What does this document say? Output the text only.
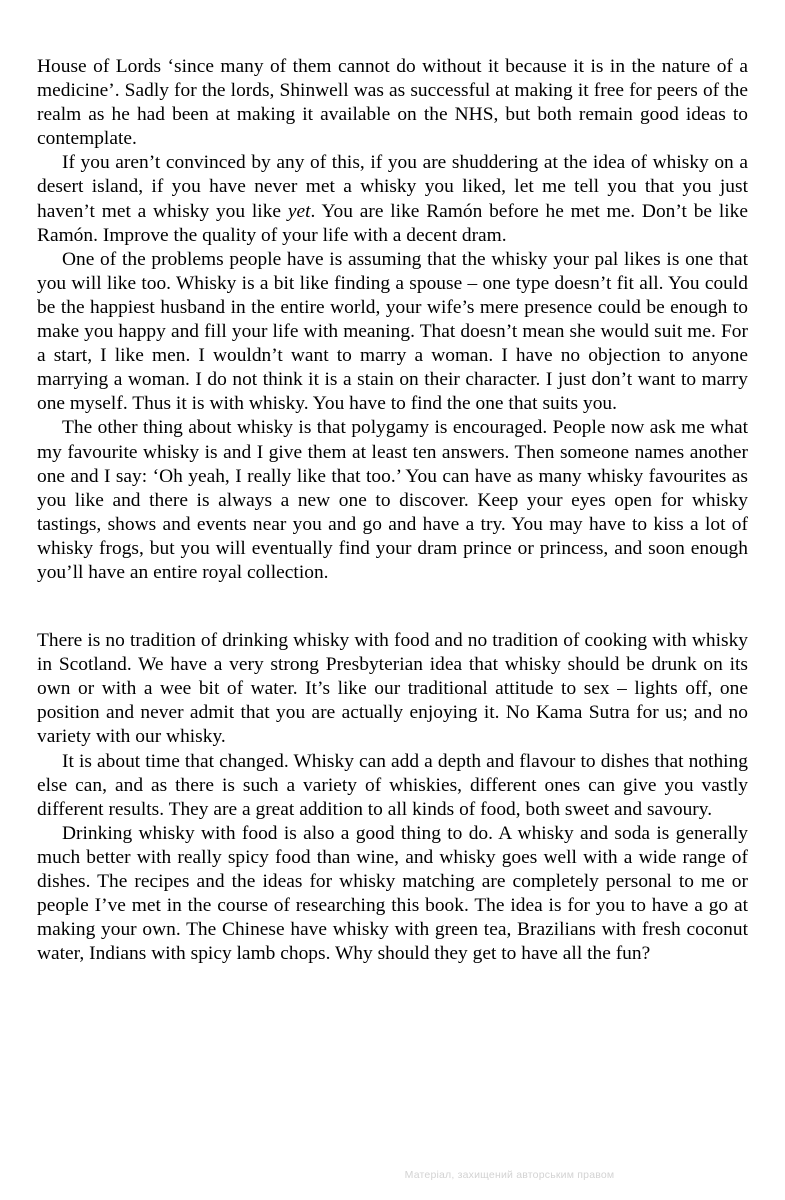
House of Lords ‘since many of them cannot do without it because it is in the nature of a medicine’. Sadly for the lords, Shinwell was as successful at making it free for peers of the realm as he had been at making it available on the NHS, but both remain good ideas to contemplate.

If you aren’t convinced by any of this, if you are shuddering at the idea of whisky on a desert island, if you have never met a whisky you liked, let me tell you that you just haven’t met a whisky you like yet. You are like Ramón before he met me. Don’t be like Ramón. Improve the quality of your life with a decent dram.

One of the problems people have is assuming that the whisky your pal likes is one that you will like too. Whisky is a bit like finding a spouse – one type doesn’t fit all. You could be the happiest husband in the entire world, your wife’s mere presence could be enough to make you happy and fill your life with meaning. That doesn’t mean she would suit me. For a start, I like men. I wouldn’t want to marry a woman. I have no objection to anyone marrying a woman. I do not think it is a stain on their character. I just don’t want to marry one myself. Thus it is with whisky. You have to find the one that suits you.

The other thing about whisky is that polygamy is encouraged. People now ask me what my favourite whisky is and I give them at least ten answers. Then someone names another one and I say: ‘Oh yeah, I really like that too.’ You can have as many whisky favourites as you like and there is always a new one to discover. Keep your eyes open for whisky tastings, shows and events near you and go and have a try. You may have to kiss a lot of whisky frogs, but you will eventually find your dram prince or princess, and soon enough you’ll have an entire royal collection.

There is no tradition of drinking whisky with food and no tradition of cooking with whisky in Scotland. We have a very strong Presbyterian idea that whisky should be drunk on its own or with a wee bit of water. It’s like our traditional attitude to sex – lights off, one position and never admit that you are actually enjoying it. No Kama Sutra for us; and no variety with our whisky.

It is about time that changed. Whisky can add a depth and flavour to dishes that nothing else can, and as there is such a variety of whiskies, different ones can give you vastly different results. They are a great addition to all kinds of food, both sweet and savoury.

Drinking whisky with food is also a good thing to do. A whisky and soda is generally much better with really spicy food than wine, and whisky goes well with a wide range of dishes. The recipes and the ideas for whisky matching are completely personal to me or people I’ve met in the course of researching this book. The idea is for you to have a go at making your own. The Chinese have whisky with green tea, Brazilians with fresh coconut water, Indians with spicy lamb chops. Why should they get to have all the fun?

Матеріал, захищений авторським правом
